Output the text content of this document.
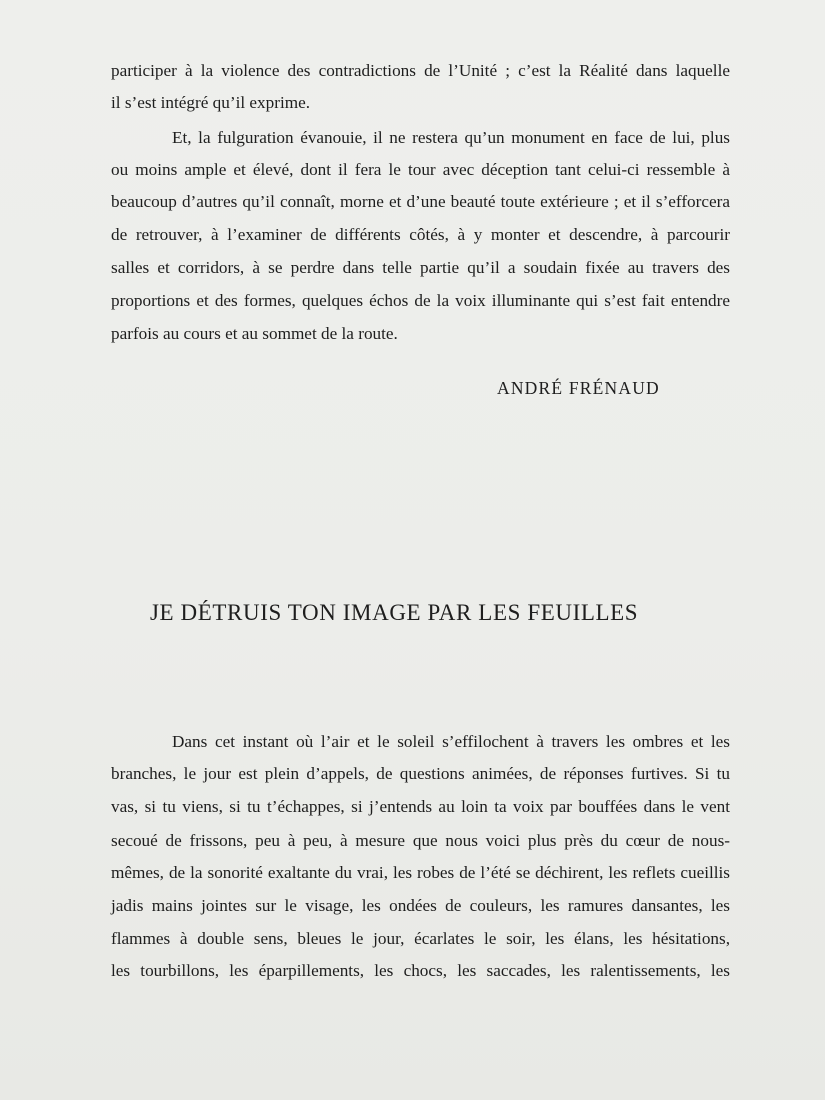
participer à la violence des contradictions de l’Unité ; c’est la Réalité dans laquelle
il s’est intégré qu’il exprime.
Et, la fulguration évanouie, il ne restera qu’un monument en face de lui, plus
ou moins ample et élevé, dont il fera le tour avec déception tant celui-ci ressemble à
beaucoup d’autres qu’il connaît, morne et d’une beauté toute extérieure ; et il s’efforcera
de retrouver, à l’examiner de différents côtés, à y monter et descendre, à parcourir
salles et corridors, à se perdre dans telle partie qu’il a soudain fixée au travers des
proportions et des formes, quelques échos de la voix illuminante qui s’est fait entendre
parfois au cours et au sommet de la route.
ANDRÉ FRÉNAUD
JE DÉTRUIS TON IMAGE PAR LES FEUILLES
Dans cet instant où l’air et le soleil s’effilochent à travers les ombres et les
branches, le jour est plein d’appels, de questions animées, de réponses furtives. Si tu
vas, si tu viens, si tu t’échappes, si j’entends au loin ta voix par bouffées dans le vent
secoué de frissons, peu à peu, à mesure que nous voici plus près du cœur de nous-
mêmes, de la sonorité exaltante du vrai, les robes de l’été se déchirent, les reflets cueillis
jadis mains jointes sur le visage, les ondées de couleurs, les ramures dansantes, les
flammes à double sens, bleues le jour, écarlates le soir, les élans, les hésitations,
les tourbillons, les éparpillements, les chocs, les saccades, les ralentissements, les
